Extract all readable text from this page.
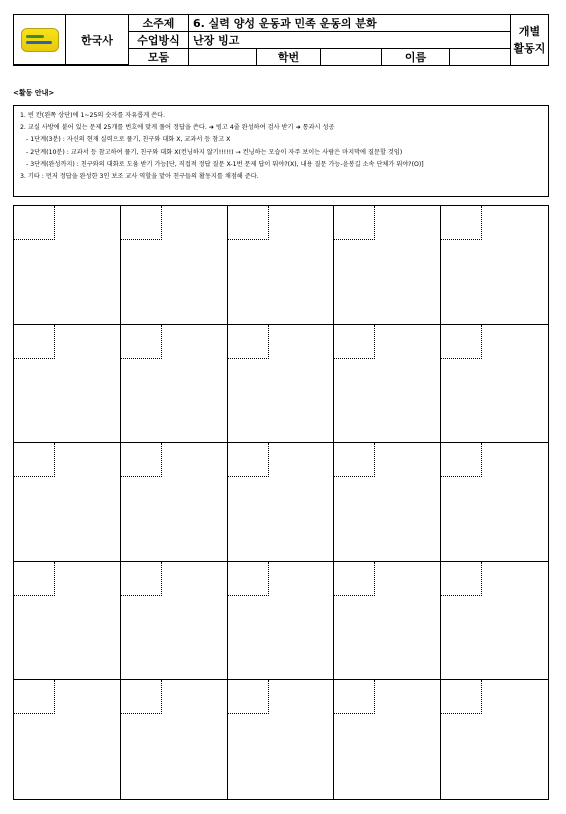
한국사
소주제	6. 실력 양성 운동과 민족 운동의 분화
수업방식	난장 빙고
모둠	학번	이름
개별
활동지
<활동 안내>
1. 빈 칸(왼쪽 상단)에 1~25의 숫자를 자유롭게 쓴다.
2. 교실 사방에 붙어 있는 문제 25개를 번호에 맞게 풀어 정답을 쓴다. ➜ 빙고 4줄 완성하여 검사 받기 ➜ 통과시 성공
- 1단계(3분) : 자신의 현재 실력으로 풀기, 친구와 대화 X, 교과서 등 참고 X
- 2단계(10분) : 교과서 등 참고하여 풀기, 친구와 대화 X(컨닝하지 않기!!!!!) → 컨닝하는 모습이 자주 보이는 사람은 마지막에 질문할 것임)
- 3단계(완성까지) : 친구와의 대화로 도움 받기 가능[단, 직접적 정답 질문 X-1번 문제 답이 뭐야?(X), 내용 질문 가능-윤봉길 소속 단체가 뭐야?(O)]
3. 기타 : 먼저 정답을 완성한 3인 보조 교사 역할을 맡아 친구들의 활동지를 채점해 준다.
